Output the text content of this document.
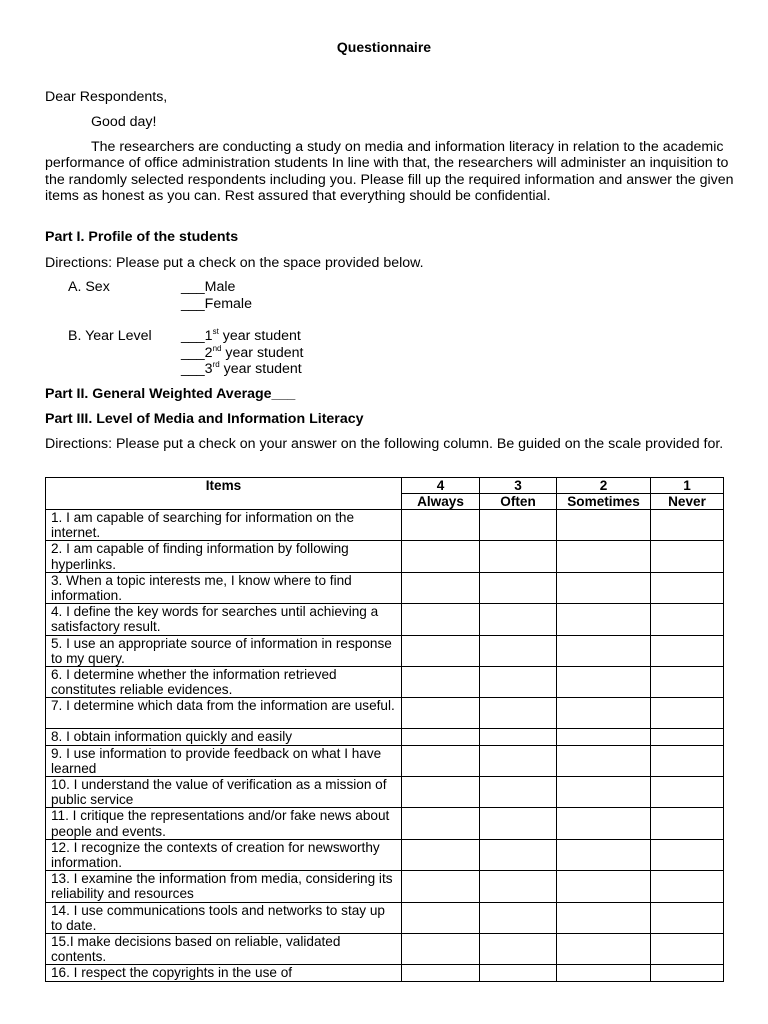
Questionnaire
Dear Respondents,
Good day!
The researchers are conducting a study on media and information literacy in relation to the academic performance of office administration students In line with that, the researchers will administer an inquisition to the randomly selected respondents including you. Please fill up the required information and answer the given items as honest as you can. Rest assured that everything should be confidential.
Part I. Profile of the students
Directions: Please put a check on the space provided below.
A. Sex	___Male
___Female
B. Year Level ___1st year student
___2nd year student
___3rd year student
Part II. General Weighted Average___
Part III. Level of Media and Information Literacy
Directions: Please put a check on your answer on the following column. Be guided on the scale provided for.
Items	4	3	2	1
	Always	Often	Sometimes	Never
1. I am capable of searching for information on the internet.				
2. I am capable of finding information by following hyperlinks.				
3. When a topic interests me, I know where to find information.				
4. I define the key words for searches until achieving a satisfactory result.				
5. I use an appropriate source of information in response to my query.				
6. I determine whether the information retrieved constitutes reliable evidences.				
7. I determine which data from the information are useful.				
8. I obtain information quickly and easily				
9. I use information to provide feedback on what I have learned				
10. I understand the value of verification as a mission of public service				
11. I critique the representations and/or fake news about people and events.				
12. I recognize the contexts of creation for newsworthy information.				
13. I examine the information from media, considering its reliability and resources				
14. I use communications tools and networks to stay up to date.				
15.I make decisions based on reliable, validated contents.				
16. I respect the copyrights in the use of				
